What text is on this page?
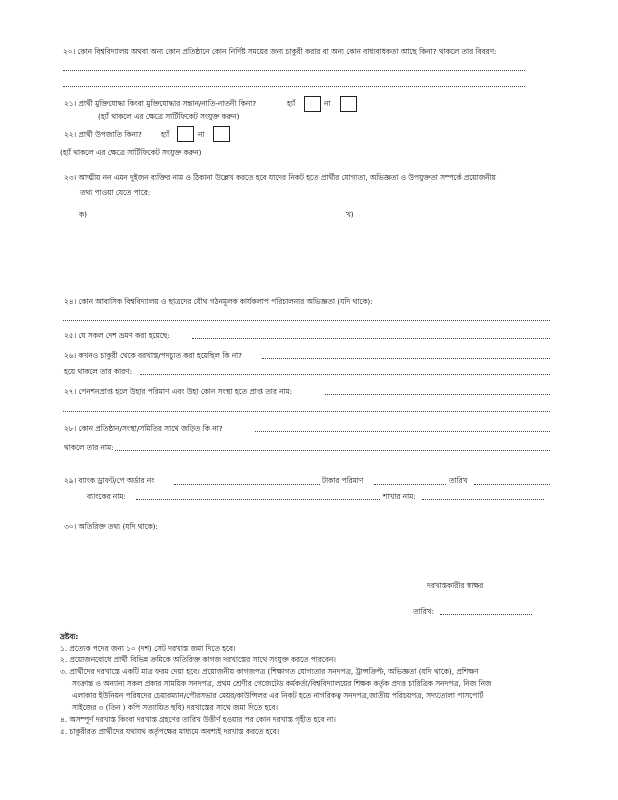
২০। কোন বিশ্ববিদ্যালয় অথবা অন্য কোন প্রতিষ্ঠানে কোন নির্দিষ্ট সময়ের জন্য চাকুরী করার বা অন্য কোন বাধ্যবাধকতা আছে কিনা? থাকলে তার বিবরণ:
২১। প্রার্থী মুক্তিযোদ্ধা কিংবা মুক্তিযোদ্ধার সন্তান/নাতি-নাতনী কিনা?	হ্যাঁ	না
(হ্যাঁ থাকলে এর ক্ষেত্রে সার্টিফিকেট সংযুক্ত করুন)
২২। প্রার্থী উপজাতি কিনা?	হ্যাঁ	না
(হ্যাঁ থাকলে এর ক্ষেত্রে সার্টিফিকেট সংযুক্ত করুন)
২৩। আত্মীয় নন এমন দুইজন ব্যক্তির নাম ও ঠিকানা উল্লেখ করতে হবে যাদের নিকট হতে প্রার্থীর যোগ্যতা, অভিজ্ঞতা ও উপযুক্ততা সম্পর্কে প্রয়োজনীয়
তথ্য পাওয়া যেতে পারে:
ক)	খ)
২৪। কোন আবাসিক বিশ্ববিদ্যালয় ও ছাত্রদের যৌথ গঠনমূলক কার্যকলাপ পরিচালনার অভিজ্ঞতা (যদি থাকে):
২৫। যে সকল দেশ ভ্রমণ করা হয়েছে:
২৬। কখনও চাকুরী থেকে বরখাস্ত/পদচ্যুত করা হয়েছিল কি না?
হয়ে থাকলে তার কারণ:
২৭। পেনশনপ্রাপ্ত হলে উহার পরিমাণ এবং উহা কোন সংস্থা হতে প্রাপ্ত তার নাম:
২৮। কোন প্রতিষ্ঠান/সংস্থা/সমিতির সাথে জড়িত কি না?
থাকলে তার নাম:
২৯। ব্যাংক ড্রাফট/পে অর্ডার নং	টাকার পরিমাণ	তারিখ
ব্যাংকের নাম:	শাখার নাম:
৩০। অতিরিক্ত তথ্য (যদি থাকে):
দরখাস্তকারীর স্বাক্ষর
তারিখ:
দ্রষ্টব্য:
১. প্রত্যেক পদের জন্য ১০ (দশ) সেট দরখাস্ত জমা দিতে হবে।
২. প্রয়োজনবোধে প্রার্থী বিভিন্ন ক্রমিকে অতিরিক্ত কাগজ দরখাস্তের সাথে সংযুক্ত করতে পারবেন।
৩. প্রার্থীদের দরখাস্তে একটি মাত্র ফরম দেয়া হবে। প্রয়োজনীয় কাগজপত্র (শিক্ষাগত যোগ্যতার সনদপত্র, ট্রান্সক্রিপ্ট, অভিজ্ঞতা (যদি থাকে), প্রশিক্ষণ
সংক্রান্ত ও অন্যান্য সকল প্রকার সাময়িক সনদপত্র, প্রথম শ্রেণীর গেজেটেড কর্মকর্তা/বিশ্ববিদ্যালয়ের শিক্ষক কর্তৃক প্রদত্ত চারিত্রিক সনদপত্র, নিজ নিজ
এলাকার ইউনিয়ন পরিষদের চেয়ারম্যান/পৌরসভার মেয়র/কাউন্সিলর এর নিকট হতে নাগরিকত্ব সনদপত্র,জাতীয় পরিচয়পত্র, সদ্যতোলা পাসপোর্ট
সাইজের ৩ (তিন ) কপি সত্যায়িত ছবি) দরখাস্তের সাথে জমা দিতে হবে।
৪. অসম্পূর্ণ দরখাস্ত কিংবা দরখাস্ত গ্রহণের তারিখ উত্তীর্ণ হওয়ার পর কোন দরখাস্ত গৃহীত হবে না।
৫. চাকুরীরত প্রার্থীদের যথাযথ কর্তৃপক্ষের মাধ্যমে অবশ্যই দরখাস্ত করতে হবে।
